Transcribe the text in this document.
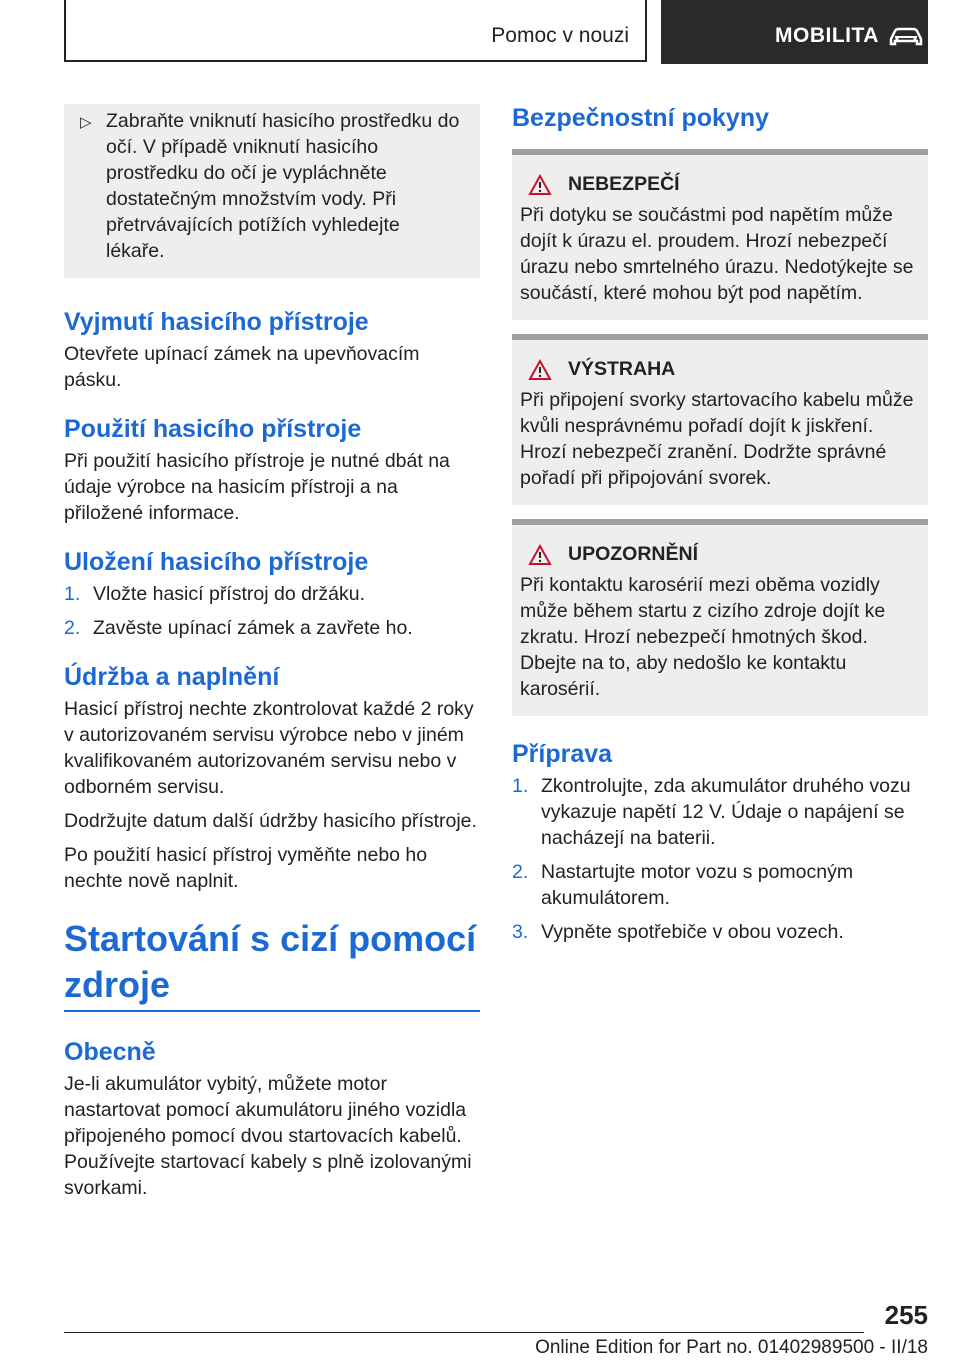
Pomoc v nouzi	MOBILITA
▷ Zabraňte vniknutí hasicího prostředku do očí. V případě vniknutí hasicího prostředku do očí je vypláchněte dostatečným množstvím vody. Při přetrvávajících potížích vyhledejte lékaře.
Vyjmutí hasicího přístroje

Otevřete upínací zámek na upevňovacím pásku.

Použití hasicího přístroje

Při použití hasicího přístroje je nutné dbát na údaje výrobce na hasicím přístroji a na přiložené informace.

Uložení hasicího přístroje
1. Vložte hasicí přístroj do držáku.
2. Zavěste upínací zámek a zavřete ho.
Údržba a naplnění

Hasicí přístroj nechte zkontrolovat každé 2 roky v autorizovaném servisu výrobce nebo v jiném kvalifikovaném autorizovaném servisu nebo v odborném servisu.

Dodržujte datum další údržby hasicího přístroje.

Po použití hasicí přístroj vyměňte nebo ho nechte nově naplnit.

Startování s cizí pomocí zdroje
Obecně

Je-li akumulátor vybitý, můžete motor nastartovat pomocí akumulátoru jiného vozidla připojeného pomocí dvou startovacích kabelů. Používejte startovací kabely s plně izolovanými svorkami.

Bezpečnostní pokyny
NEBEZPEČÍ

Při dotyku se součástmi pod napětím může dojít k úrazu el. proudem. Hrozí nebezpečí úrazu nebo smrtelného úrazu. Nedotýkejte se součástí, které mohou být pod napětím.

VÝSTRAHA

Při připojení svorky startovacího kabelu může kvůli nesprávnému pořadí dojít k jiskření. Hrozí nebezpečí zranění. Dodržte správné pořadí při připojování svorek.

UPOZORNĚNÍ

Při kontaktu karosérií mezi oběma vozidly může během startu z cizího zdroje dojít ke zkratu. Hrozí nebezpečí hmotných škod. Dbejte na to, aby nedošlo ke kontaktu karosérií.

Příprava
1. Zkontrolujte, zda akumulátor druhého vozu vykazuje napětí 12 V. Údaje o napájení se nacházejí na baterii.
2. Nastartujte motor vozu s pomocným akumulátorem.
3. Vypněte spotřebiče v obou vozech.
255
Online Edition for Part no. 01402989500 - II/18
